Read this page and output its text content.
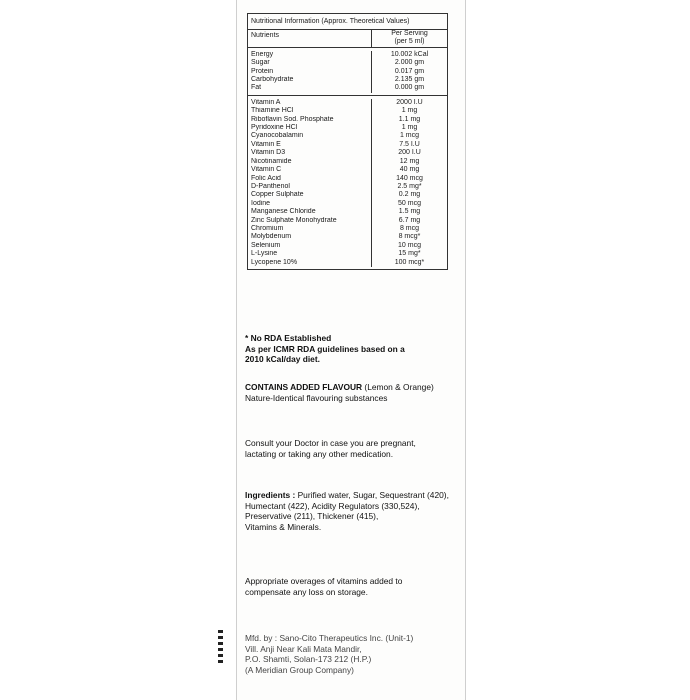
Nutritional Information (Approx. Theoretical Values)
Nutrients	Per Serving
(per 5 ml)
Energy	10.002 kCal
Sugar	2.000 gm
Protein	0.017 gm
Carbohydrate	2.135 gm
Fat	0.000 gm
Vitamin A	2000 I.U
Thiamine HCl	1 mg
Riboflavin Sod. Phosphate	1.1 mg
Pyridoxine HCl	1 mg
Cyanocobalamin	1 mcg
Vitamin E	7.5 I.U
Vitamin D3	200 I.U
Nicotinamide	12 mg
Vitamin C	40 mg
Folic Acid	140 mcg
D-Panthenol	2.5 mg*
Copper Sulphate	0.2 mg
Iodine	50 mcg
Manganese Chloride	1.5 mg
Zinc Sulphate Monohydrate	6.7 mg
Chromium	8 mcg
Molybdenum	8 mcg*
Selenium	10 mcg
L-Lysine	15 mg*
Lycopene 10%	100 mcg*

* No RDA Established

As per ICMR RDA guidelines based on a

2010 kCal/day diet.

CONTAINS ADDED FLAVOUR (Lemon & Orange)

Nature-Identical flavouring substances

Consult your Doctor in case you are pregnant,

lactating or taking any other medication.

Ingredients : Purified water, Sugar, Sequestrant (420),

Humectant (422), Acidity Regulators (330,524),

Preservative (211), Thickener (415),

Vitamins & Minerals.

Appropriate overages of vitamins added to

compensate any loss on storage.

Mfd. by : Sano-Cito Therapeutics Inc. (Unit-1)

Vill. Anji Near Kali Mata Mandir,

P.O. Shamti, Solan-173 212 (H.P.)

(A Meridian Group Company)
